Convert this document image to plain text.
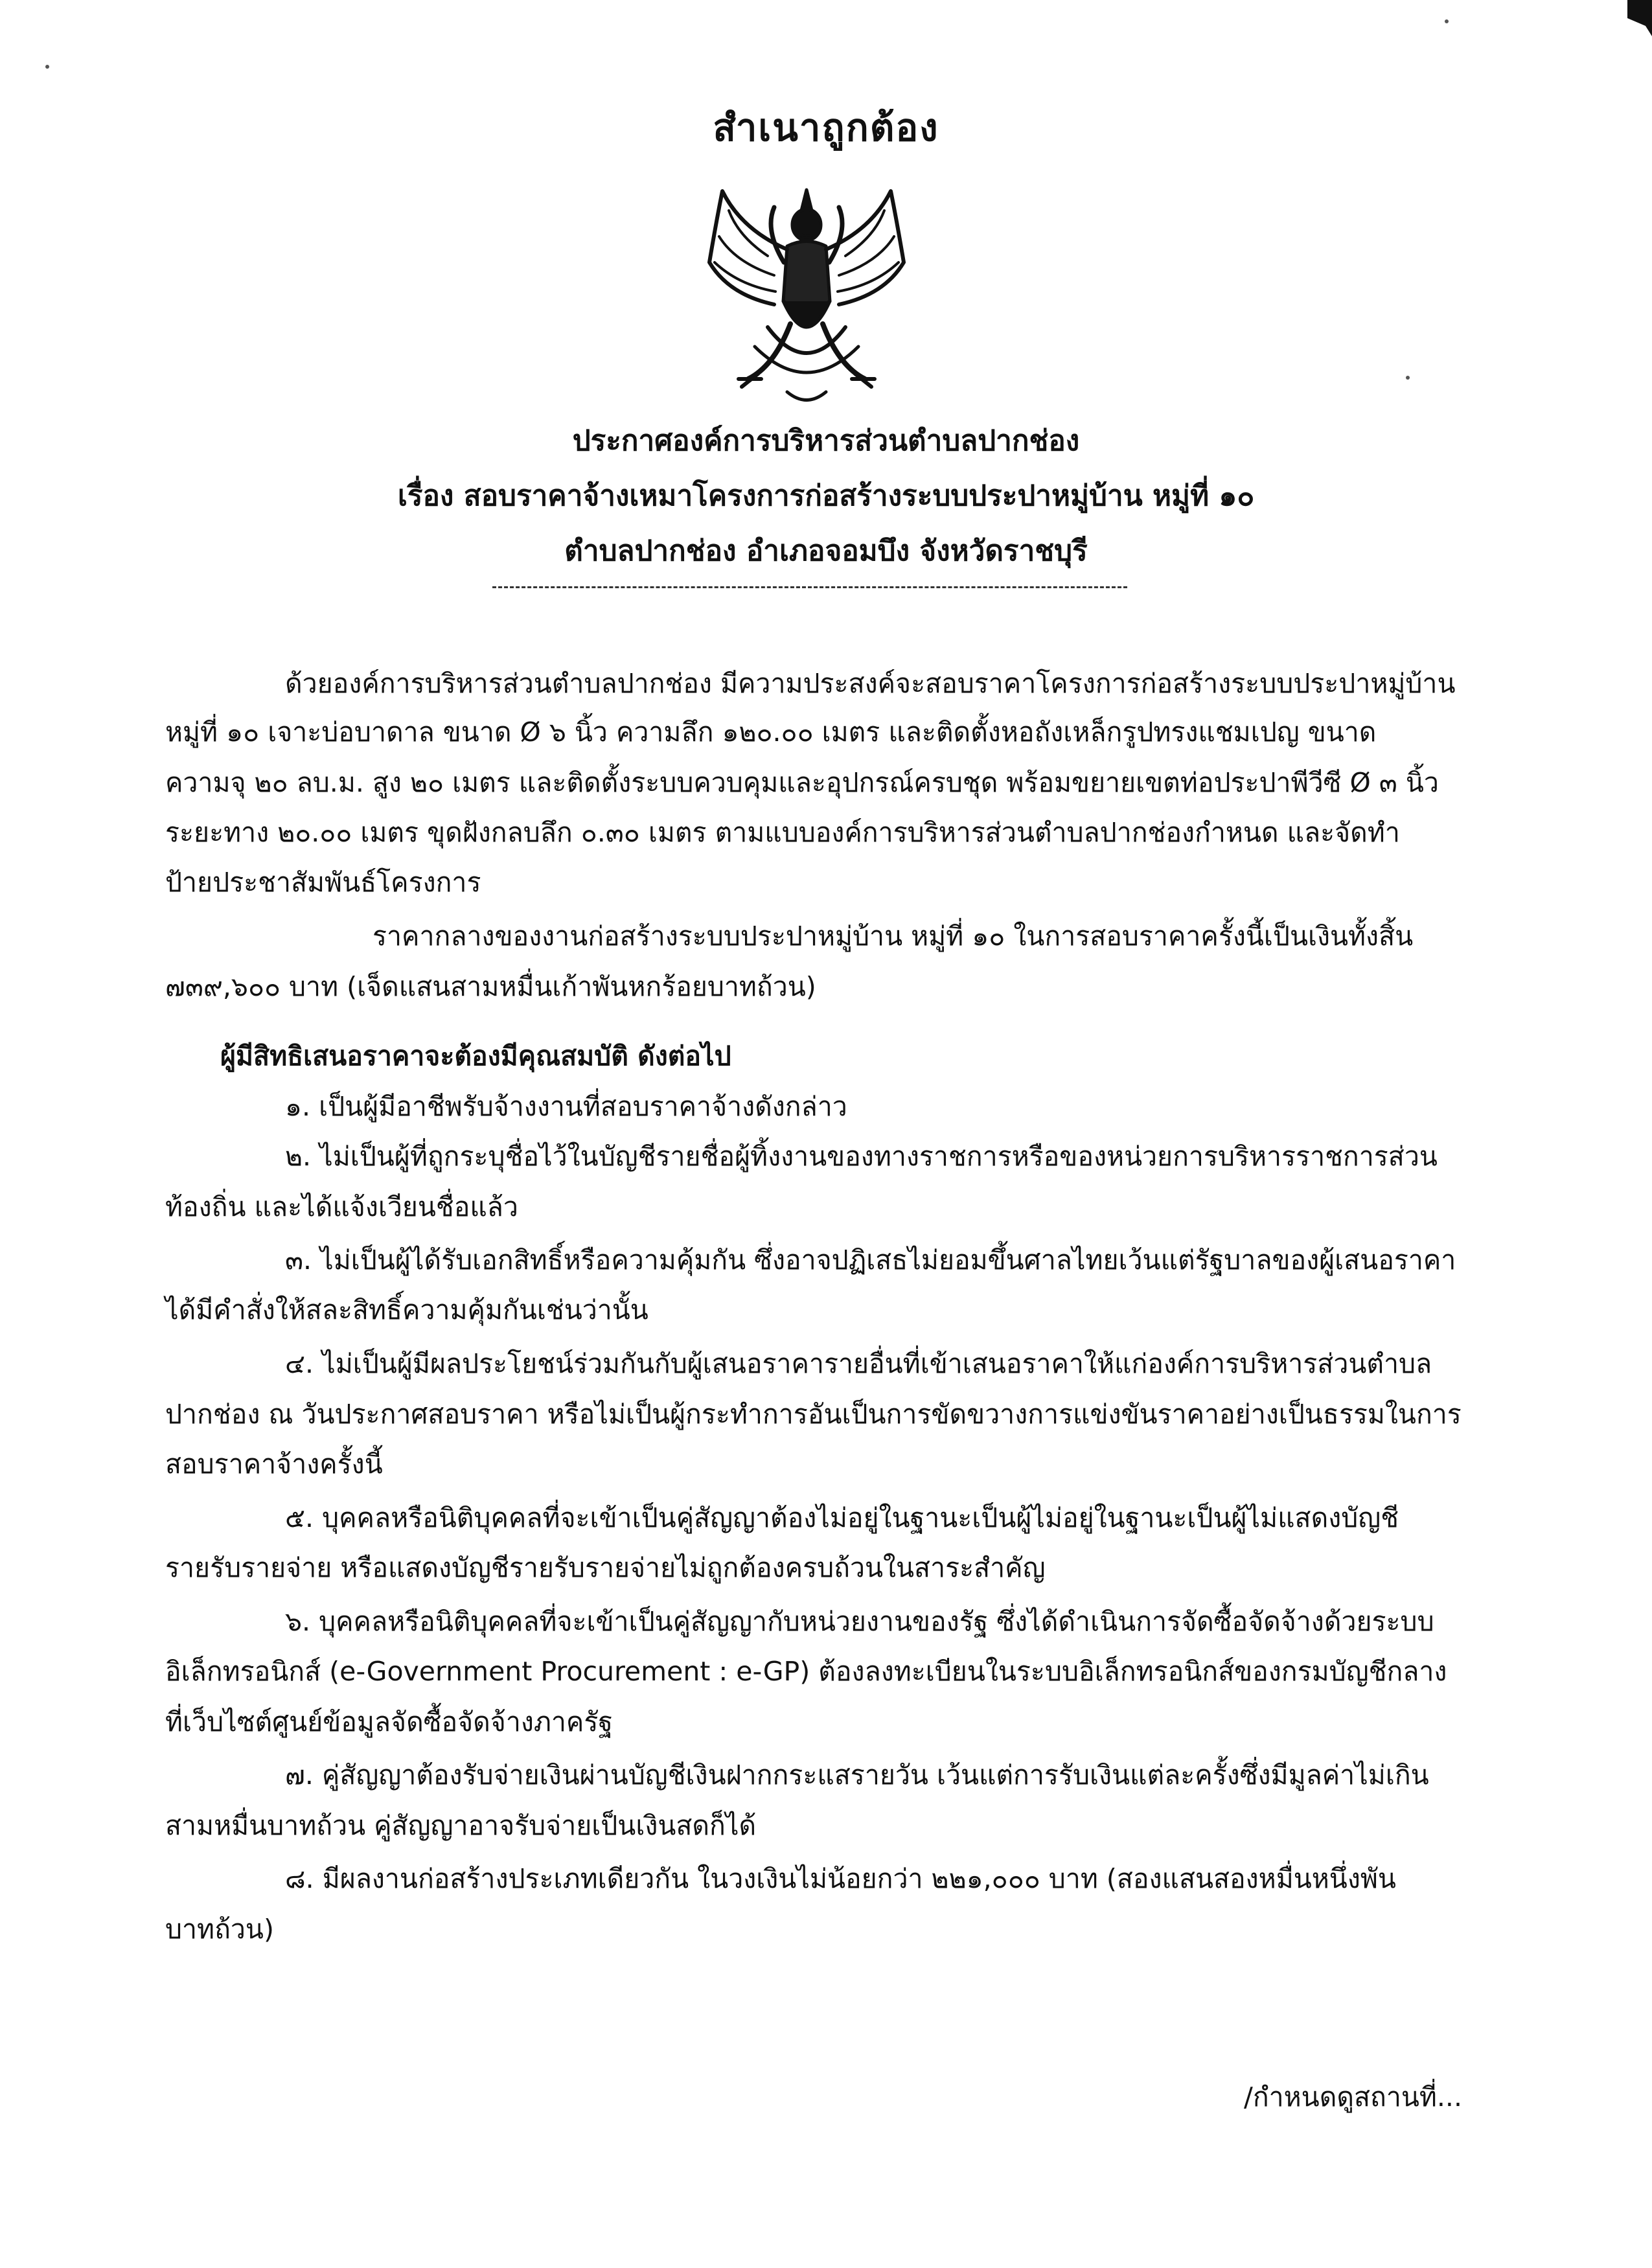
สำเนาถูกต้อง
ประกาศองค์การบริหารส่วนตำบลปากช่อง
เรื่อง สอบราคาจ้างเหมาโครงการก่อสร้างระบบประปาหมู่บ้าน หมู่ที่ ๑๐
ตำบลปากช่อง อำเภอจอมบึง จังหวัดราชบุรี
ด้วยองค์การบริหารส่วนตำบลปากช่อง มีความประสงค์จะสอบราคาโครงการก่อสร้างระบบประปาหมู่บ้าน
หมู่ที่ ๑๐ เจาะบ่อบาดาล ขนาด Ø ๖ นิ้ว ความลึก ๑๒๐.๐๐ เมตร และติดตั้งหอถังเหล็กรูปทรงแชมเปญ ขนาด
ความจุ ๒๐ ลบ.ม. สูง ๒๐ เมตร และติดตั้งระบบควบคุมและอุปกรณ์ครบชุด พร้อมขยายเขตท่อประปาพีวีซี Ø ๓ นิ้ว
ระยะทาง ๒๐.๐๐ เมตร ขุดฝังกลบลึก ๐.๓๐ เมตร ตามแบบองค์การบริหารส่วนตำบลปากช่องกำหนด และจัดทำ
ป้ายประชาสัมพันธ์โครงการ
ราคากลางของงานก่อสร้างระบบประปาหมู่บ้าน หมู่ที่ ๑๐ ในการสอบราคาครั้งนี้เป็นเงินทั้งสิ้น
๗๓๙,๖๐๐ บาท (เจ็ดแสนสามหมื่นเก้าพันหกร้อยบาทถ้วน)
ผู้มีสิทธิเสนอราคาจะต้องมีคุณสมบัติ ดังต่อไป
๑. เป็นผู้มีอาชีพรับจ้างงานที่สอบราคาจ้างดังกล่าว
๒. ไม่เป็นผู้ที่ถูกระบุชื่อไว้ในบัญชีรายชื่อผู้ทิ้งงานของทางราชการหรือของหน่วยการบริหารราชการส่วน
ท้องถิ่น และได้แจ้งเวียนชื่อแล้ว
๓. ไม่เป็นผู้ได้รับเอกสิทธิ์หรือความคุ้มกัน ซึ่งอาจปฏิเสธไม่ยอมขึ้นศาลไทยเว้นแต่รัฐบาลของผู้เสนอราคา
ได้มีคำสั่งให้สละสิทธิ์ความคุ้มกันเช่นว่านั้น
๔. ไม่เป็นผู้มีผลประโยชน์ร่วมกันกับผู้เสนอราคารายอื่นที่เข้าเสนอราคาให้แก่องค์การบริหารส่วนตำบล
ปากช่อง ณ วันประกาศสอบราคา หรือไม่เป็นผู้กระทำการอันเป็นการขัดขวางการแข่งขันราคาอย่างเป็นธรรมในการ
สอบราคาจ้างครั้งนี้
๕. บุคคลหรือนิติบุคคลที่จะเข้าเป็นคู่สัญญาต้องไม่อยู่ในฐานะเป็นผู้ไม่อยู่ในฐานะเป็นผู้ไม่แสดงบัญชี
รายรับรายจ่าย หรือแสดงบัญชีรายรับรายจ่ายไม่ถูกต้องครบถ้วนในสาระสำคัญ
๖. บุคคลหรือนิติบุคคลที่จะเข้าเป็นคู่สัญญากับหน่วยงานของรัฐ ซึ่งได้ดำเนินการจัดซื้อจัดจ้างด้วยระบบ
อิเล็กทรอนิกส์ (e-Government Procurement : e-GP) ต้องลงทะเบียนในระบบอิเล็กทรอนิกส์ของกรมบัญชีกลาง
ที่เว็บไซต์ศูนย์ข้อมูลจัดซื้อจัดจ้างภาครัฐ
๗. คู่สัญญาต้องรับจ่ายเงินผ่านบัญชีเงินฝากกระแสรายวัน เว้นแต่การรับเงินแต่ละครั้งซึ่งมีมูลค่าไม่เกิน
สามหมื่นบาทถ้วน คู่สัญญาอาจรับจ่ายเป็นเงินสดก็ได้
๘. มีผลงานก่อสร้างประเภทเดียวกัน ในวงเงินไม่น้อยกว่า ๒๒๑,๐๐๐ บาท (สองแสนสองหมื่นหนึ่งพัน
บาทถ้วน)
/กำหนดดูสถานที่...
